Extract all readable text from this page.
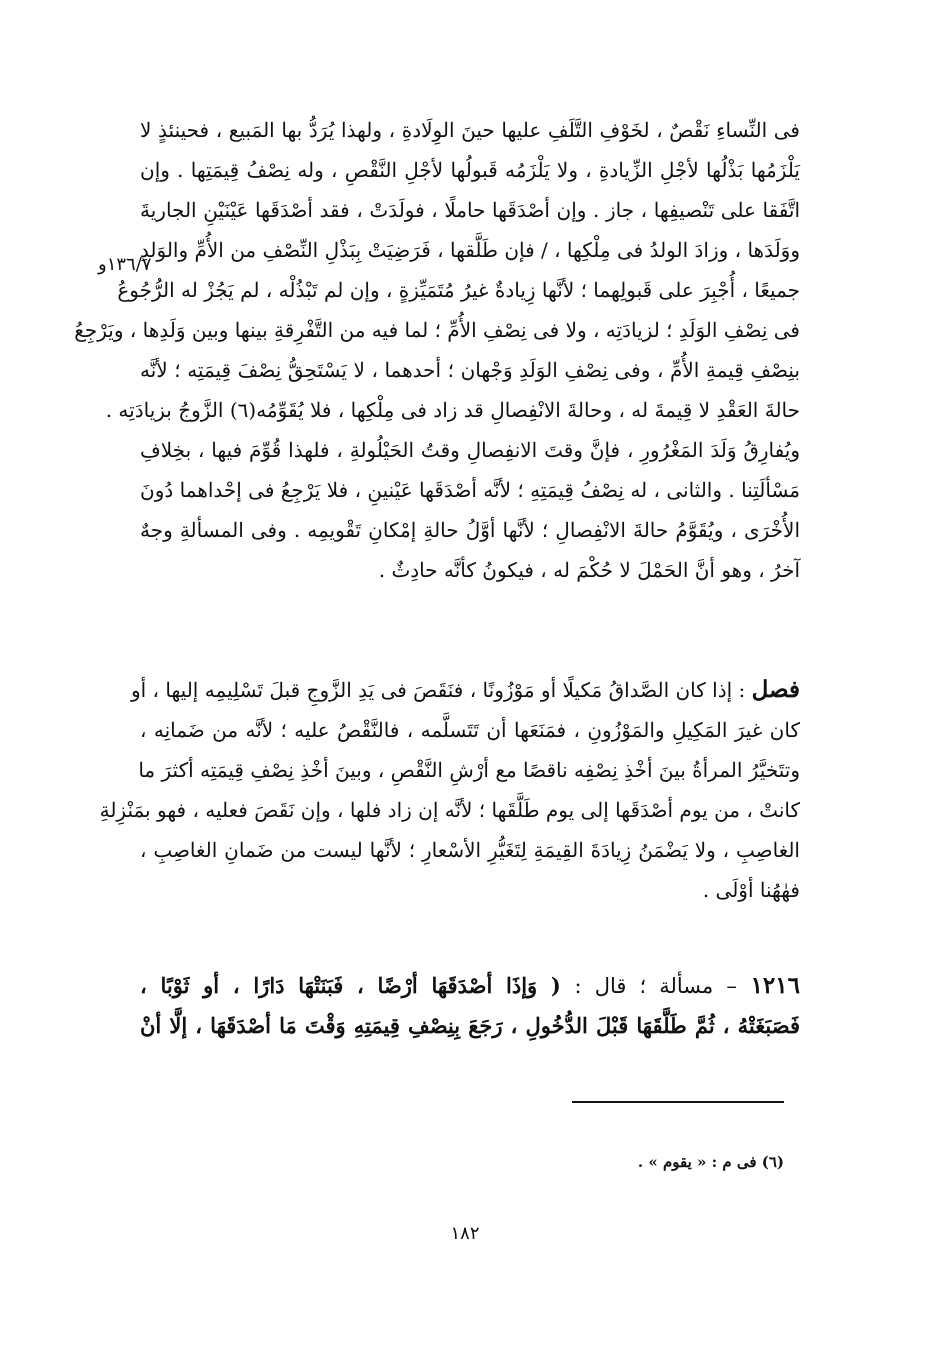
١٣٦/٧و
فى النِّساءِ نَقْصٌ ، لخَوْفِ التَّلَفِ عليها حينَ الوِلَادةِ ، ولهذا يُرَدُّ بها المَبيع ، فحينئذٍ لا
يَلْزَمُها بَذْلُها لأجْلِ الزِّيادةِ ، ولا يَلْزَمُه قَبولُها لأجْلِ النَّقْصِ ، وله نِصْفُ قِيمَتِها . وإن
اتَّفَقا على تَنْصيفِها ، جاز . وإن أصْدَقَها حاملًا ، فولَدَتْ ، فقد أصْدَقَها عَيْنَيْنِ الجاريةَ
ووَلَدَها ، وزادَ الولدُ فى مِلْكِها ، / فإن طَلَّقها ، فَرَضِيَتْ بِبَذْلِ النِّصْفِ من الأُمِّ والوَلدِ
جميعًا ، أُجْبِرَ على قَبولِهما ؛ لأنَّها زِيادةٌ غيرُ مُتَمَيِّزةٍ ، وإن لم تَبْذُلْه ، لم يَجُزْ له الرُّجُوعُ
فى نِصْفِ الوَلَدِ ؛ لزيادَتِه ، ولا فى نِصْفِ الأُمِّ ؛ لما فيه من التَّفْرِقةِ بينها وبين وَلَدِها ، ويَرْجِعُ
بنِصْفِ قِيمةِ الأُمِّ ، وفى نِصْفِ الوَلَدِ وَجْهان ؛ أحدهما ، لا يَسْتَحِقُّ نِصْفَ قِيمَتِه ؛ لأنَّه
حالةَ العَقْدِ لا قِيمةَ له ، وحالةَ الانْفِصالِ قد زاد فى مِلْكِها ، فلا يُقَوِّمُه(٦) الزَّوجُ بزيادَتِه .
ويُفارِقُ وَلَدَ المَغْرُورِ ، فإنَّ وقتَ الانفِصالِ وقتُ الحَيْلُولةِ ، فلهذا قُوِّمَ فيها ، بخِلافِ
مَسْألَتِنا . والثانى ، له نِصْفُ قِيمَتِهِ ؛ لأنَّه أصْدَقَها عَيْنينِ ، فلا يَرْجِعُ فى إحْداهما دُونَ
الأُخْرَى ، ويُقَوَّمُ حالةَ الانْفِصالِ ؛ لأنَّها أوَّلُ حالةِ إمْكانِ تَقْويمِه . وفى المسألةِ وجهٌ
آخرُ ، وهو أنَّ الحَمْلَ لا حُكْمَ له ، فيكونُ كأنَّه حادِثٌ .
فصل : إذا كان الصَّداقُ مَكيلًا أو مَوْزُونًا ، فنَقَصَ فى يَدِ الزَّوجِ قبلَ تَسْلِيمِه إليها ، أو
كان غيرَ المَكِيلِ والمَوْزُونِ ، فمَنَعَها أن تَتَسلَّمه ، فالنَّقْصُ عليه ؛ لأنَّه من ضَمانِه ،
وتتَخيَّرُ المرأةُ بينَ أخْذِ نِصْفِه ناقصًا مع أرْشِ النَّقْصِ ، وبينَ أخْذِ نِصْفِ قِيمَتِه أكثرَ ما
كانتْ ، من يوم أصْدَقَها إلى يوم طَلَّقَها ؛ لأنَّه إن زاد فلها ، وإن نَقَصَ فعليه ، فهو بمَنْزِلةِ
الغاصِبِ ، ولا يَضْمَنُ زِيادَةَ القِيمَةِ لِتَغَيُّرِ الأسْعارِ ؛ لأنَّها ليست من ضَمانِ الغاصِبِ ،
فهٰهُنا أوْلَى .
١٢١٦ – مسألة ؛ قال : ( وَإذَا أصْدَقَهَا أرْضًا ، فَبَنَتْهَا دَارًا ، أو ثَوْبًا ،
فَصَبَغَتْهُ ، ثُمَّ طَلَّقَهَا قَبْلَ الدُّخُولِ ، رَجَعَ بِنِصْفِ قِيمَتِهِ وَقْتَ مَا أصْدَقَهَا ، إلَّا أنْ
(٦) فى م : « يقوم » .
١٨٢
